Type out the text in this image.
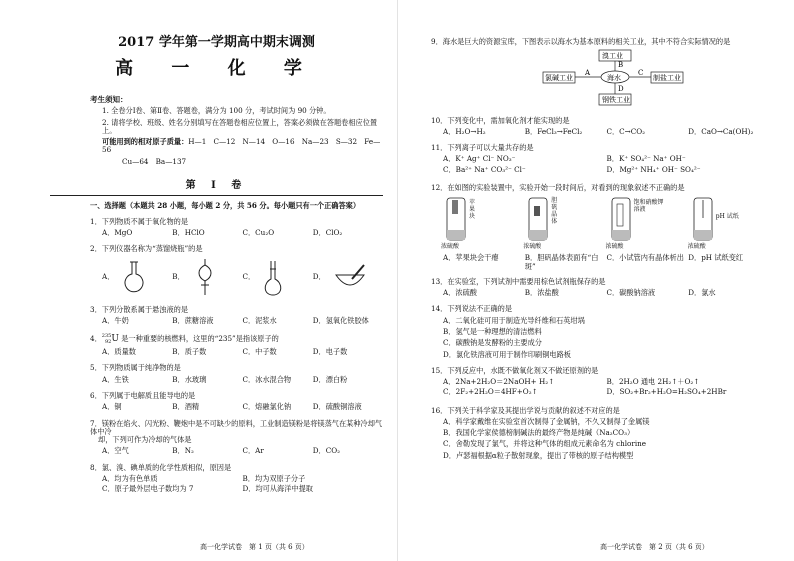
2017 学年第一学期高中期末调测
高 一 化 学
考生须知：

1. 全卷分Ⅰ卷、第Ⅱ卷、答题卷，满分为 100 分，考试时间为 90 分钟。

2. 请将学校、班级、姓名分别填写在答题卷相应位置上，答案必须做在答题卷相应位置上。

可能用到的相对原子质量：H—1　C—12　N—14　O—16　Na—23　S—32　Fe—56

Cu—64　Ba—137

第 Ⅰ 卷
一、选择题（本题共 28 小题，每小题 2 分，共 56 分。每小题只有一个正确答案）
1．下列物质不属于氧化物的是
A．MgO	B．HClO	C．Cu₂O	D．ClO₂
2．下列仪器名称为“蒸馏烧瓶”的是
A．	B．	C．	D．
3．下列分散系属于悬浊液的是
A．牛奶	B．蔗糖溶液	C．泥浆水	D．氢氧化铁胶体
4． 235
92 U 是一种重要的核燃料，这里的“235”是指该原子的
A．质量数	B．质子数	C．中子数	D．电子数
5．下列物质属于纯净物的是
A．生铁	B．水玻璃	C．冰水混合物	D．漂白粉
6．下列属于电解质且能导电的是
A．铜	B．酒精	C．熔融氯化钠	D．硫酸铜溶液
7．镁粉在焰火、闪光粉、鞭炮中是不可缺少的原料，工业制造镁粉是将镁蒸气在某种冷却气体中冷
却，下列可作为冷却的气体是
A．空气	B．N₂	C．Ar	D．CO₂
8．氯、溴、碘单质的化学性质相似，原因是
A．均为有色单质	B．均为双原子分子
C．原子最外层电子数均为 7	D．均可从海洋中提取
高一化学试卷　第 1 页（共 6 页）
9．海水是巨大的资源宝库，下图表示以海水为基本原料的相关工业，其中不符合实际情况的是
溴工业
氯碱工业	海水	制盐工业
钢铁工业
A
B
C
D
10．下列变化中，需加氧化剂才能实现的是
A．H₂O→H₂	B．FeCl₃→FeCl₂	C．C→CO₂	D．CaO→Ca(OH)₂
11．下列离子可以大量共存的是
A．K⁺ Ag⁺ Cl⁻ NO₃⁻	B．K⁺ SO₄²⁻ Na⁺ OH⁻
C．Ba²⁺ Na⁺ CO₃²⁻ Cl⁻	D．Mg²⁺ NH₄⁺ OH⁻ SO₄²⁻
12．在如图的实验装置中，实验开始一段时间后，对看到的现象叙述不正确的是
苹果块
浓硫酸
胆矾晶体
浓硫酸
饱和硝酸钾溶液
浓硫酸
pH 试纸
浓硫酸
A．苹果块会干瘪	B．胆矾晶体表面有“白斑”
C．小试管内有晶体析出 D．pH 试纸变红
13．在实验室，下列试剂中需要用棕色试剂瓶保存的是
A．浓硫酸	B．浓盐酸	C．碳酸钠溶液	D．氯水
14．下列说法不正确的是
A．二氧化硅可用于制造光导纤维和石英坩埚
B．氢气是一种理想的清洁燃料
C．碳酸钠是发酵粉的主要成分
D．氯化铁溶液可用于制作印刷铜电路板
15．下列反应中，水既不做氧化剂又不做还原剂的是
A．2Na+2H₂O＝2NaOH+ H₂↑	B．2H₂O 通电 2H₂↑＋O₂↑
C．2F₂+2H₂O＝4HF+O₂↑	D．SO₂+Br₂+H₂O=H₂SO₄+2HBr
16．下列关于科学家及其提出学说与贡献的叙述不对应的是
A．科学家戴维在实验室首次制得了金属钠，不久又制得了金属镁
B．我国化学家侯德榜制碱法的最终产物是纯碱（Na₂CO₃）
C．舍勒发现了氯气，并将这种气体的组成元素命名为 chlorine
D．卢瑟福根据α粒子散射现象，提出了带核的原子结构模型
高一化学试卷　第 2 页（共 6 页）
